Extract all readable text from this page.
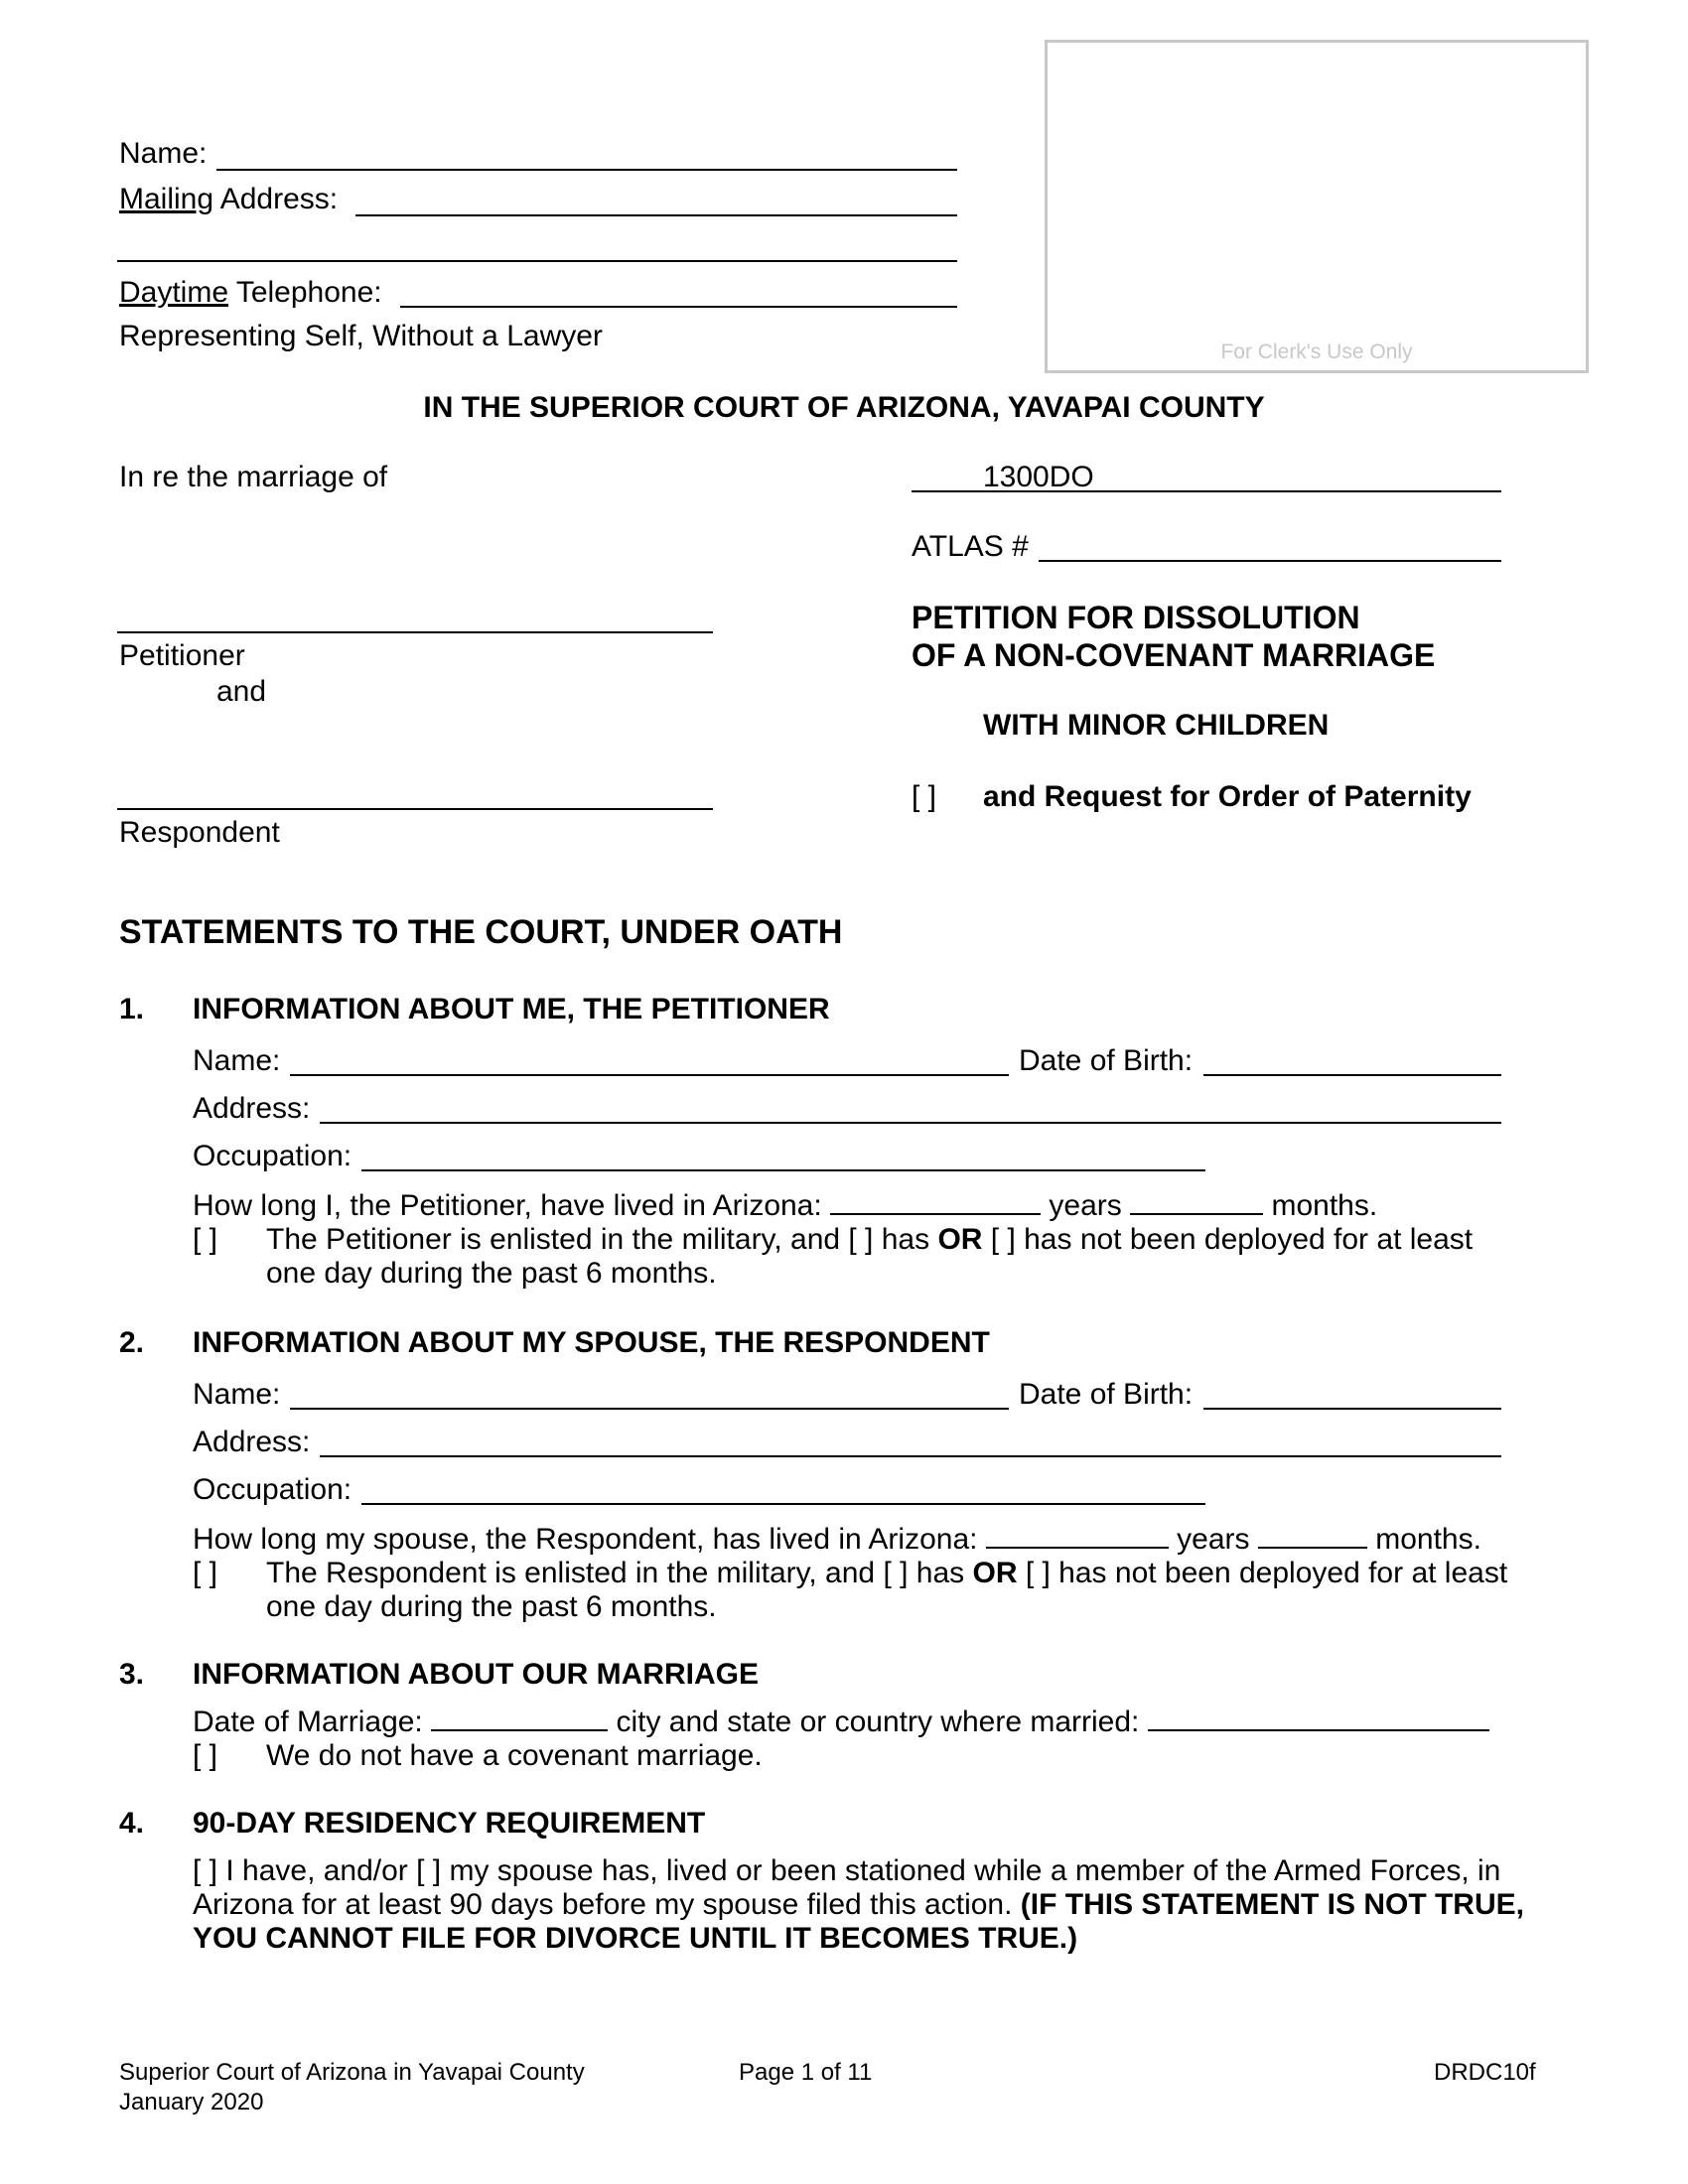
Name:
Mailing Address:
Daytime Telephone:
Representing Self, Without a Lawyer	For Clerk's Use Only
IN THE SUPERIOR COURT OF ARIZONA, YAVAPAI COUNTY
In re the marriage of
Petitioner
and
Respondent
1300DO
ATLAS #
PETITION FOR DISSOLUTION
OF A NON-COVENANT MARRIAGE
WITH MINOR CHILDREN
[ ] and Request for Order of Paternity
STATEMENTS TO THE COURT, UNDER OATH
1. INFORMATION ABOUT ME, THE PETITIONER
Name:	Date of Birth:
Address:
Occupation:
How long I, the Petitioner, have lived in Arizona:	years	months.
[ ] The Petitioner is enlisted in the military, and [ ] has OR [ ] has not been deployed for at least
one day during the past 6 months.
2. INFORMATION ABOUT MY SPOUSE, THE RESPONDENT
Name:	Date of Birth:
Address:
Occupation:
How long my spouse, the Respondent, has lived in Arizona:	years	months.
[ ] The Respondent is enlisted in the military, and [ ] has OR [ ] has not been deployed for at least
one day during the past 6 months.
3. INFORMATION ABOUT OUR MARRIAGE
Date of Marriage:	city and state or country where married:
[ ] We do not have a covenant marriage.
4. 90-DAY RESIDENCY REQUIREMENT
[ ] I have, and/or [ ] my spouse has, lived or been stationed while a member of the Armed Forces, in
Arizona for at least 90 days before my spouse filed this action. (IF THIS STATEMENT IS NOT TRUE,
YOU CANNOT FILE FOR DIVORCE UNTIL IT BECOMES TRUE.)
Superior Court of Arizona in Yavapai County
January 2020
Page 1 of 11	DRDC10f
